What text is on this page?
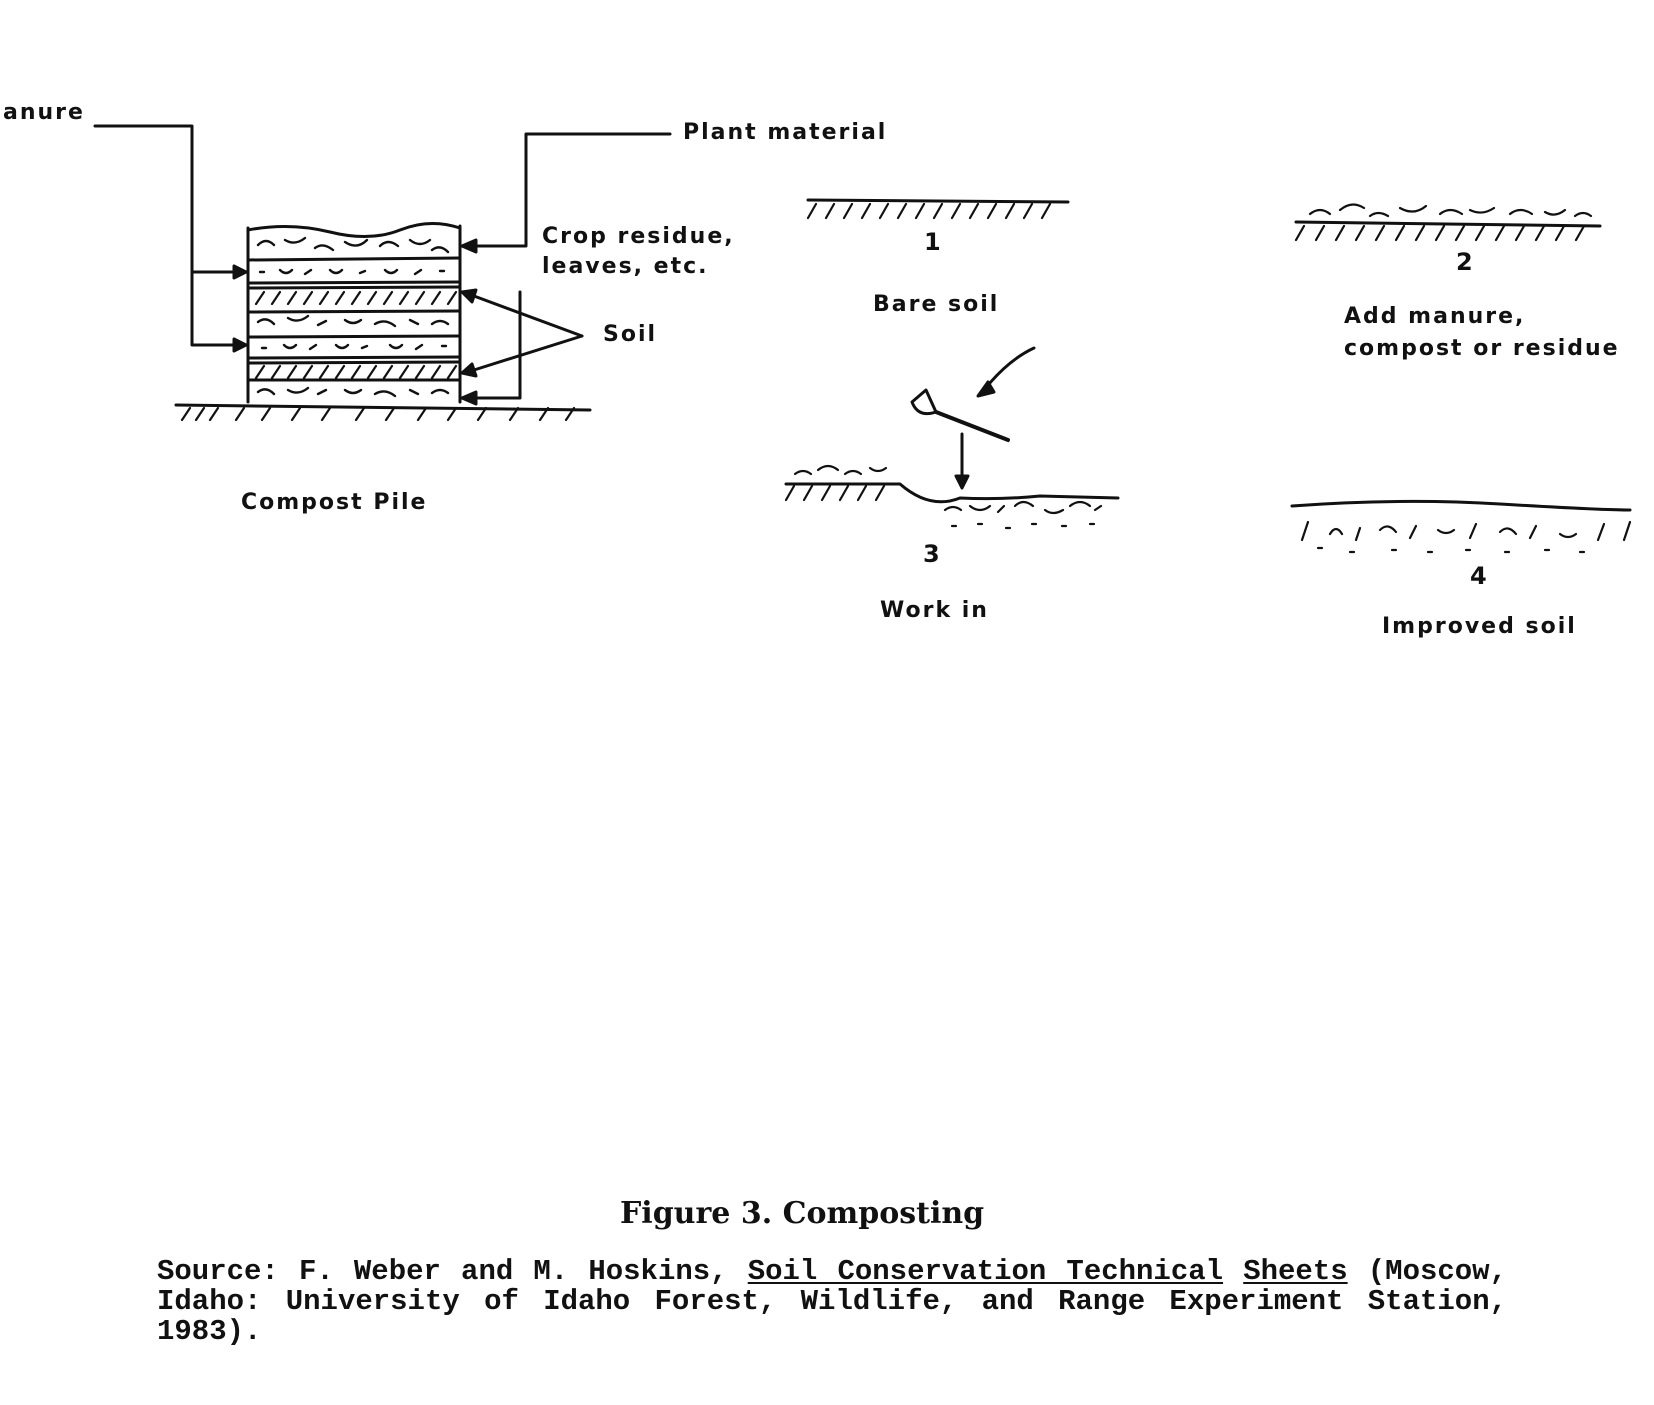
anure
Plant material
Crop residue,
leaves, etc.
Soil
Compost Pile
1
Bare soil
2
Add manure,
compost or residue
3
Work in
4
Improved soil
Figure 3. Composting
Source: F. Weber and M. Hoskins, Soil Conservation Technical Sheets (Moscow, Idaho: University of Idaho Forest, Wildlife, and Range Experiment Station, 1983).
